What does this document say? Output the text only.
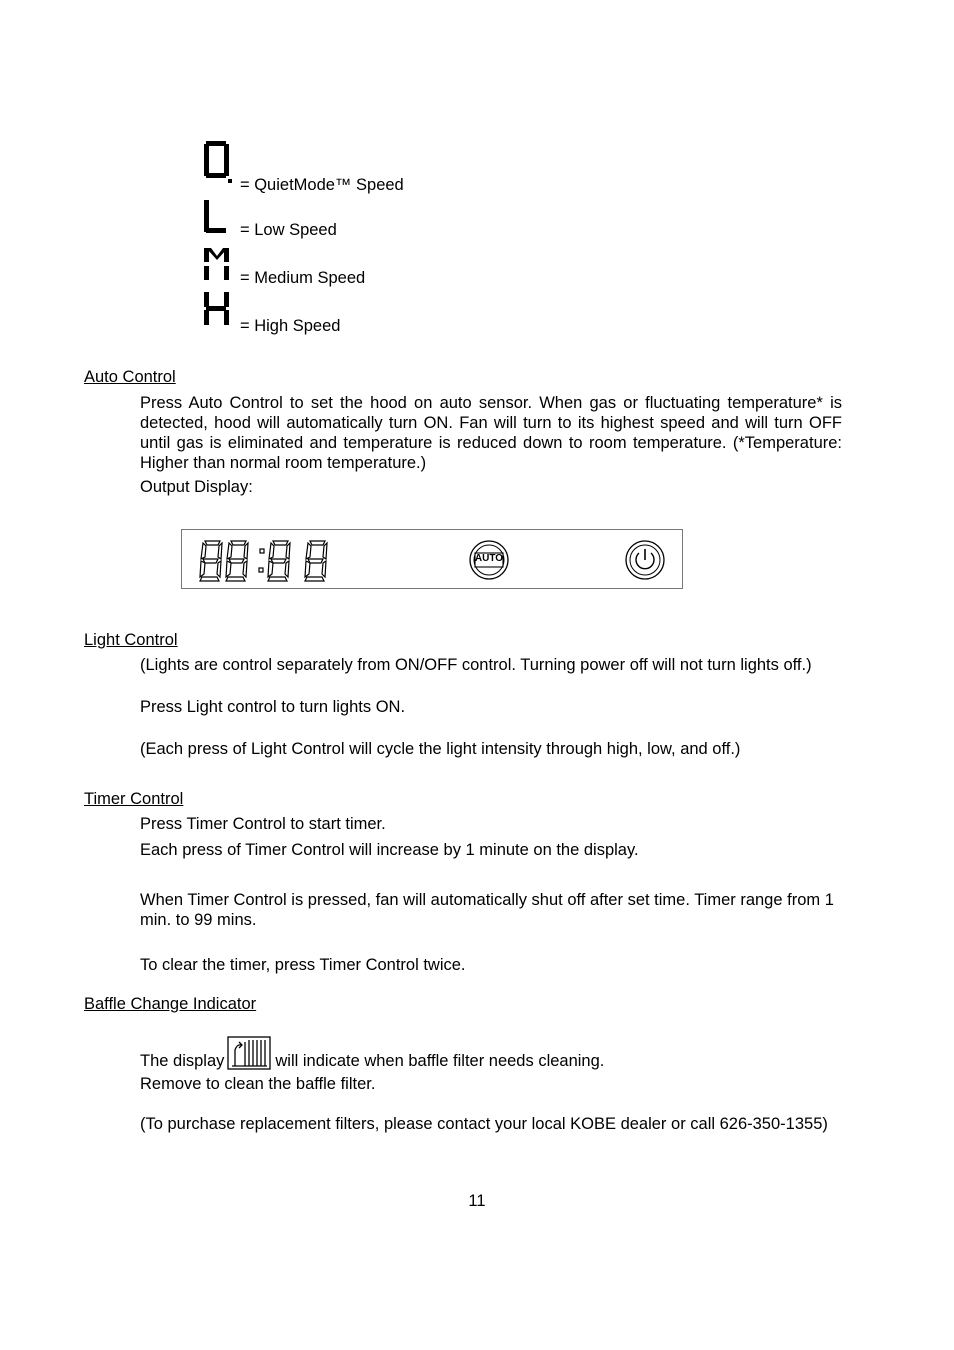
= QuietMode™ Speed
= Low Speed
= Medium Speed
= High Speed
Auto Control
Press Auto Control to set the hood on auto sensor. When gas or fluctuating temperature* is detected, hood will automatically turn ON. Fan will turn to its highest speed and will turn OFF until gas is eliminated and temperature is reduced down to room temperature. (*Temperature: Higher than normal room temperature.)
Output Display:
AUTO
Light Control
(Lights are control separately from ON/OFF control. Turning power off will not turn lights off.)
Press Light control to turn lights ON.
(Each press of Light Control will cycle the light intensity through high, low, and off.)
Timer Control
Press Timer Control to start timer.
Each press of Timer Control will increase by 1 minute on the display.
When Timer Control is pressed, fan will automatically shut off after set time. Timer range from 1
min. to 99 mins.
To clear the timer, press Timer Control twice.
Baffle Change Indicator
The display	will indicate when baffle filter needs cleaning.
Remove to clean the baffle filter.
(To purchase replacement filters, please contact your local KOBE dealer or call 626-350-1355)
11
